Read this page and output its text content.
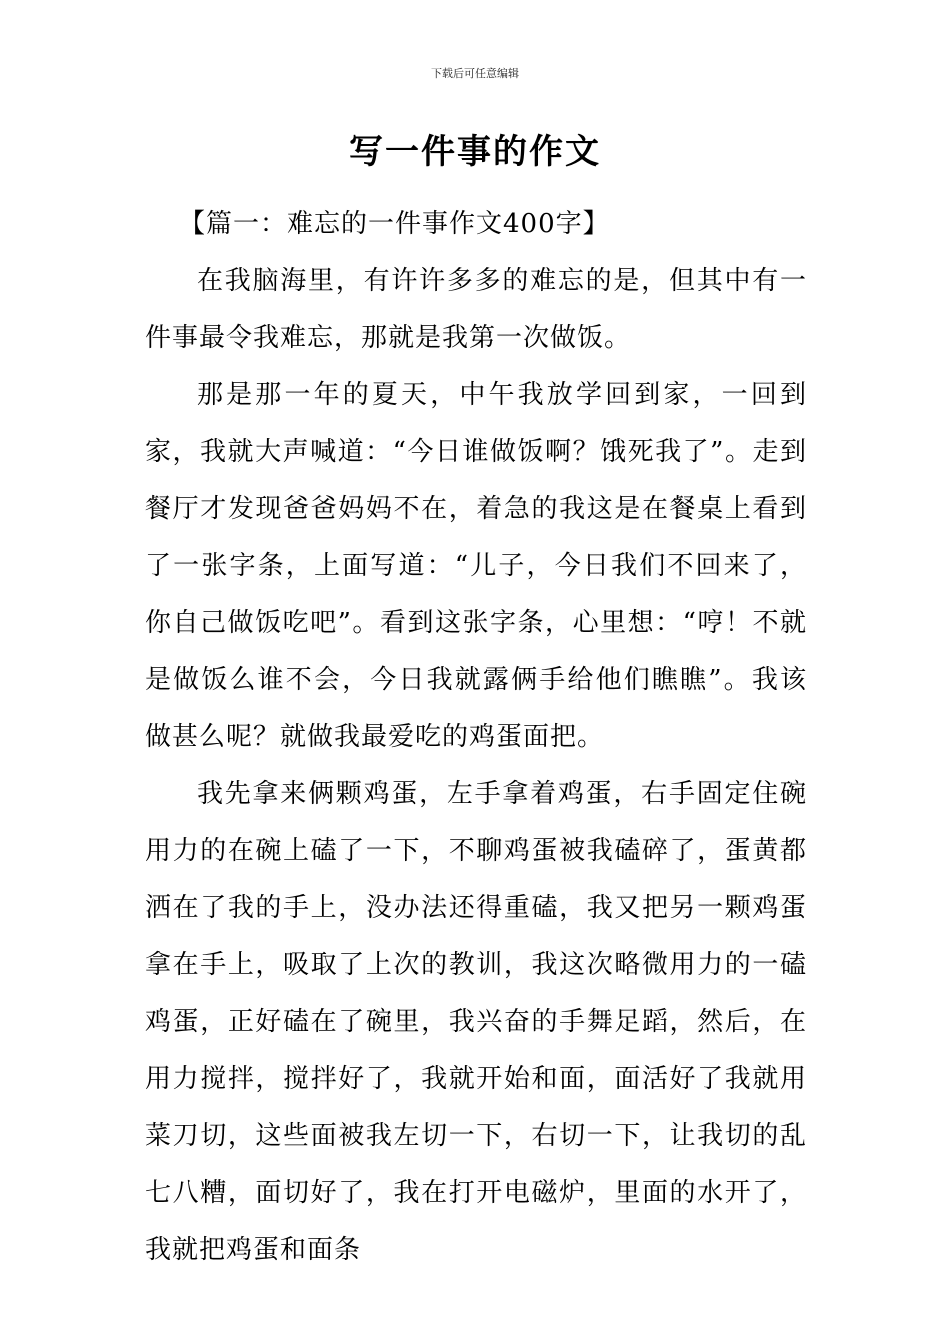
下载后可任意编辑
写一件事的作文

【篇一：难忘的一件事作文400字】

在我脑海里，有许许多多的难忘的是，但其中有一件事最令我难忘，那就是我第一次做饭。

那是那一年的夏天，中午我放学回到家，一回到家，我就大声喊道：“今日谁做饭啊？饿死我了”。走到餐厅才发现爸爸妈妈不在，着急的我这是在餐桌上看到了一张字条，上面写道：“儿子，今日我们不回来了，你自己做饭吃吧”。看到这张字条，心里想：“哼！不就是做饭么谁不会，今日我就露俩手给他们瞧瞧”。我该做甚么呢？就做我最爱吃的鸡蛋面把。

我先拿来俩颗鸡蛋，左手拿着鸡蛋，右手固定住碗用力的在碗上磕了一下，不聊鸡蛋被我磕碎了，蛋黄都洒在了我的手上，没办法还得重磕，我又把另一颗鸡蛋拿在手上，吸取了上次的教训，我这次略微用力的一磕鸡蛋，正好磕在了碗里，我兴奋的手舞足蹈，然后，在用力搅拌，搅拌好了，我就开始和面，面活好了我就用菜刀切，这些面被我左切一下，右切一下，让我切的乱七八糟，面切好了，我在打开电磁炉，里面的水开了，我就把鸡蛋和面条
